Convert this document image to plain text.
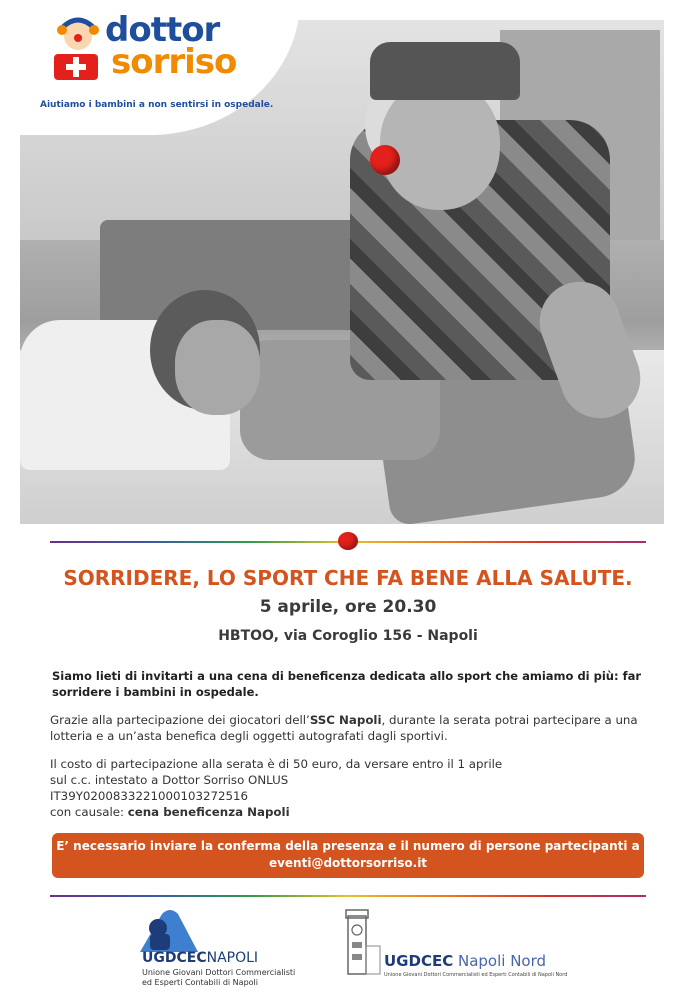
dottor
sorriso
Aiutiamo i bambini a non sentirsi in ospedale.
SORRIDERE, LO SPORT CHE FA BENE ALLA SALUTE.
5 aprile, ore 20.30
HBTOO, via Coroglio 156 - Napoli
Siamo lieti di invitarti a una cena di beneficenza dedicata allo sport che amiamo di più: far sorridere i bambini in ospedale.
Grazie alla partecipazione dei giocatori dell’SSC Napoli, durante la serata potrai partecipare a una lotteria e a un’asta benefica degli oggetti autografati dagli sportivi.
Il costo di partecipazione alla serata è di 50 euro, da versare entro il 1 aprile
sul c.c. intestato a Dottor Sorriso ONLUS
IT39Y0200833221000103272516
con causale: cena beneficenza Napoli
E’ necessario inviare la conferma della presenza e il numero di persone partecipanti a
eventi@dottorsorriso.it
UGDCECNAPOLI
Unione Giovani Dottori Commercialisti
ed Esperti Contabili di Napoli
UGDCEC Napoli Nord
Unione Giovani Dottori Commercialisti ed Esperti Contabili di Napoli Nord
